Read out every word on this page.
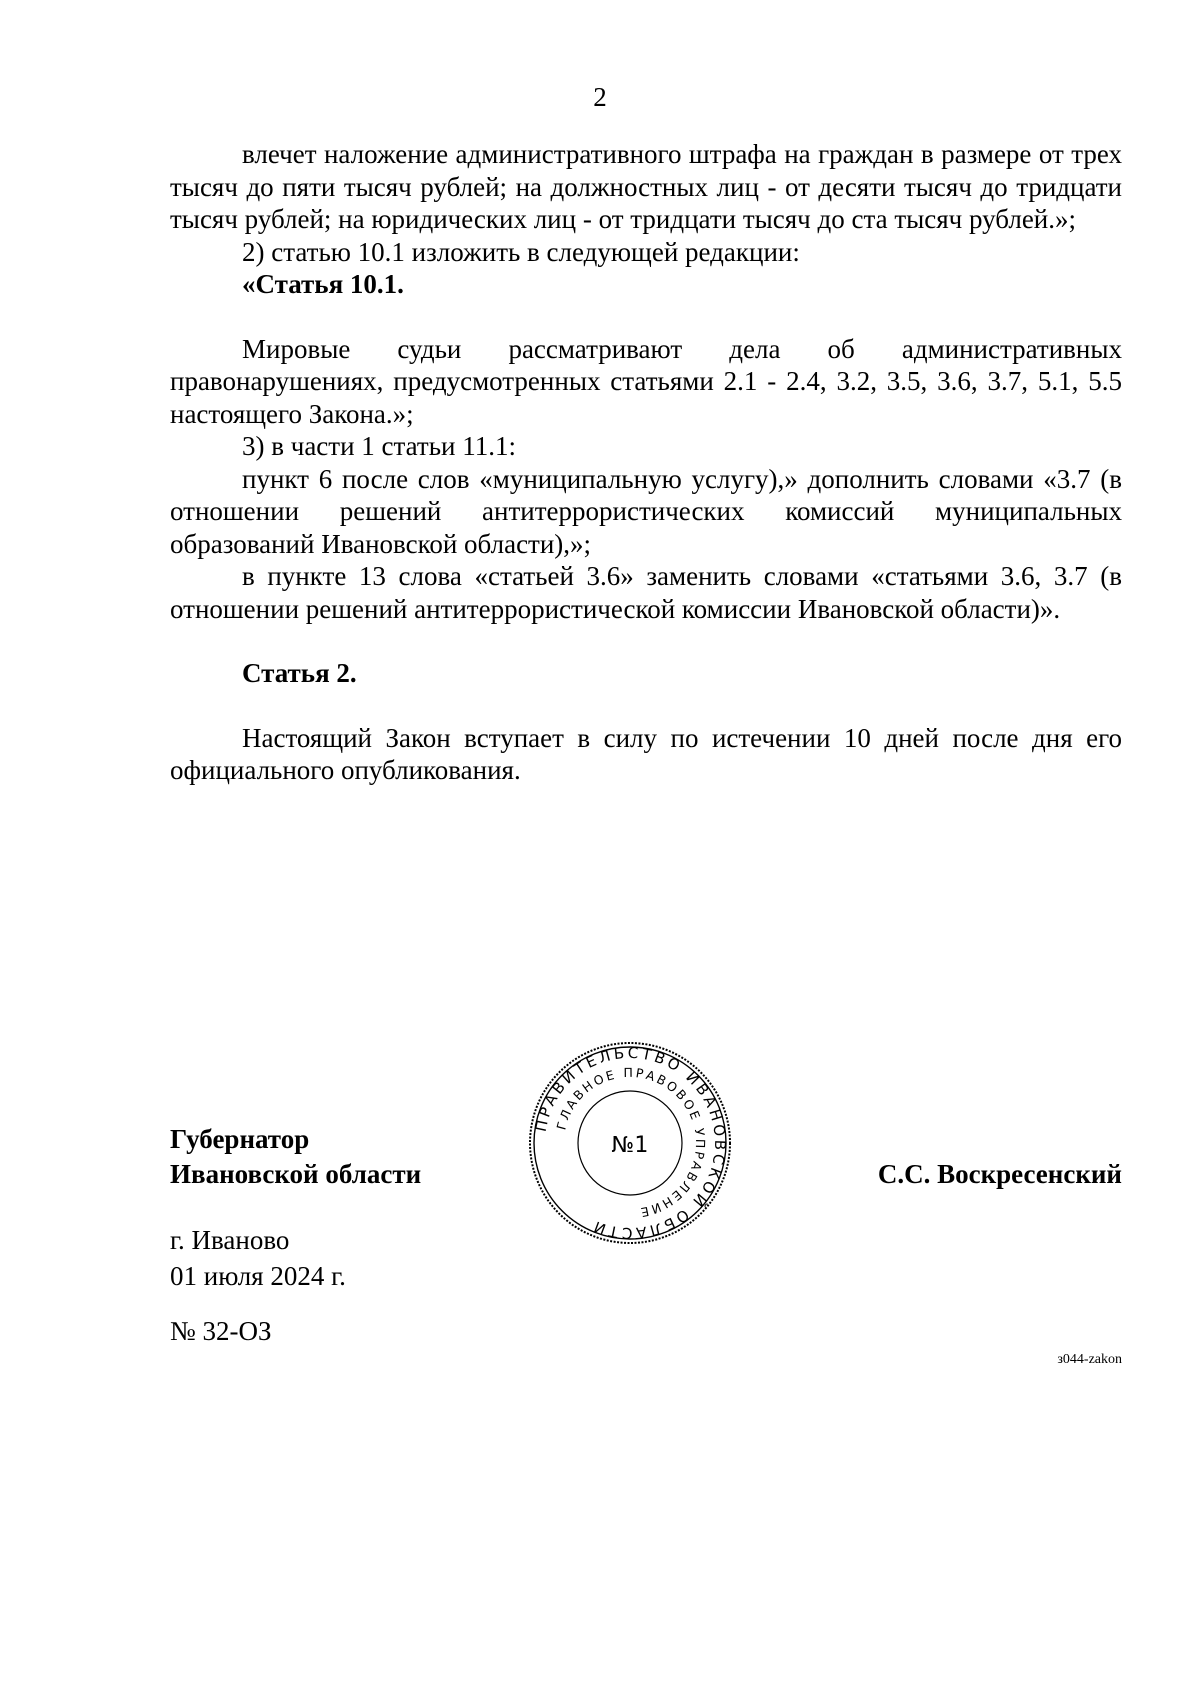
2

влечет наложение административного штрафа на граждан в размере от трех тысяч до пяти тысяч рублей; на должностных лиц - от десяти тысяч до тридцати тысяч рублей; на юридических лиц - от тридцати тысяч до ста тысяч рублей.»;

2) статью 10.1 изложить в следующей редакции:

«Статья 10.1.

Мировые судьи рассматривают дела об административных правонарушениях, предусмотренных статьями 2.1 - 2.4, 3.2, 3.5, 3.6, 3.7, 5.1, 5.5 настоящего Закона.»;

3) в части 1 статьи 11.1:

пункт 6 после слов «муниципальную услугу),» дополнить словами «3.7 (в отношении решений антитеррористических комиссий муниципальных образований Ивановской области),»;

в пункте 13 слова «статьей 3.6» заменить словами «статьями 3.6, 3.7 (в отношении решений антитеррористической комиссии Ивановской области)».

Статья 2.

Настоящий Закон вступает в силу по истечении 10 дней после дня его официального опубликования.

Губернатор
Ивановской области	С.С. Воскресенский
ПРАВИТЕЛЬСТВО ИВАНОВСКОЙ ОБЛАСТИ
ГЛАВНОЕ ПРАВОВОЕ УПРАВЛЕНИЕ
№1
г. Иваново
01 июля 2024 г.
№ 32-ОЗ
з044-zakon
